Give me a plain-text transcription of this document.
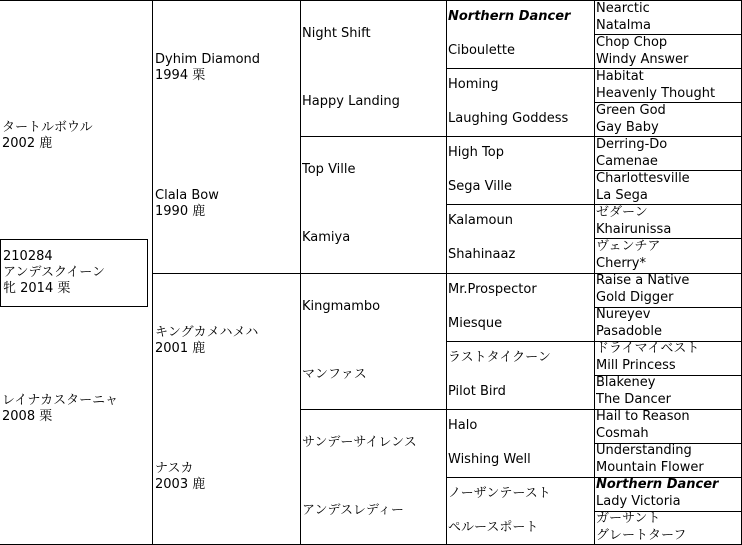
タートルボウル
2002 鹿
レイナカスターニャ
2008 栗
Dyhim Diamond
1994 栗
Clala Bow
1990 鹿
キングカメハメハ
2001 鹿
ナスカ
2003 鹿
Night Shift
Happy Landing
Top Ville
Kamiya
Kingmambo
マンファス
サンデーサイレンス
アンデスレディー
Northern Dancer
Ciboulette
Homing
Laughing Goddess
High Top
Sega Ville
Kalamoun
Shahinaaz
Mr.Prospector
Miesque
ラストタイクーン
Pilot Bird
Halo
Wishing Well
ノーザンテースト
ペルースポート
Nearctic
Natalma
Chop Chop
Windy Answer
Habitat
Heavenly Thought
Green God
Gay Baby
Derring-Do
Camenae
Charlottesville
La Sega
ゼダーン
Khairunissa
ヴェンチア
Cherry*
Raise a Native
Gold Digger
Nureyev
Pasadoble
ドライマイベスト
Mill Princess
Blakeney
The Dancer
Hail to Reason
Cosmah
Understanding
Mountain Flower
Northern Dancer
Lady Victoria
ガーサント
グレートターフ
210284
アンデスクイーン
牝 2014 栗
